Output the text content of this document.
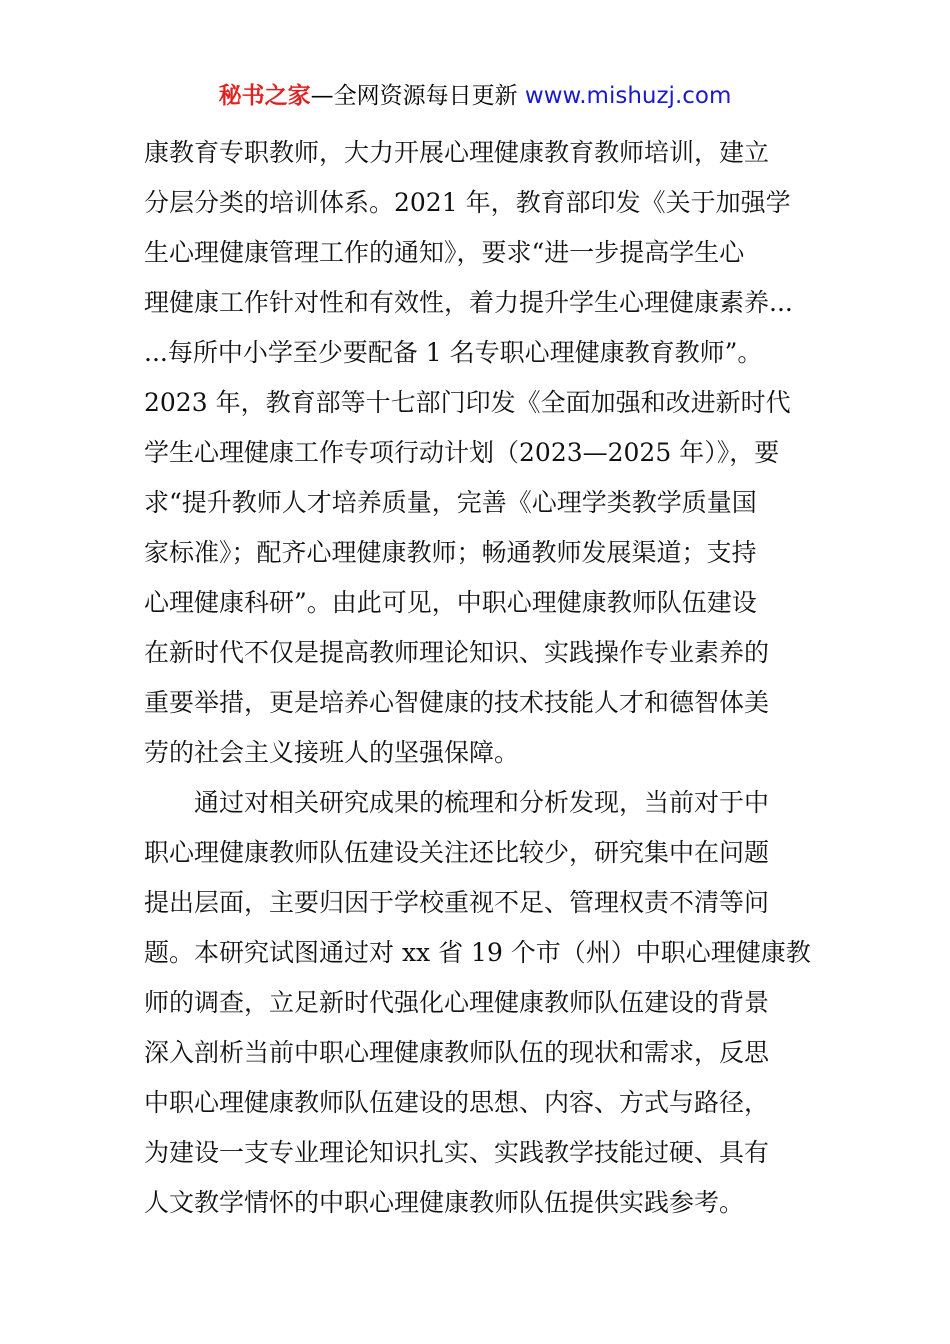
秘书之家—全网资源每日更新 www.mishuzj.com
康教育专职教师，大力开展心理健康教育教师培训，建立
分层分类的培训体系。2021 年，教育部印发《关于加强学
生心理健康管理工作的通知》，要求“进一步提高学生心
理健康工作针对性和有效性，着力提升学生心理健康素养...
...每所中小学至少要配备 1 名专职心理健康教育教师”。
2023 年，教育部等十七部门印发《全面加强和改进新时代
学生心理健康工作专项行动计划（2023—2025 年）》，要
求“提升教师人才培养质量，完善《心理学类教学质量国
家标准》；配齐心理健康教师；畅通教师发展渠道；支持
心理健康科研”。由此可见，中职心理健康教师队伍建设
在新时代不仅是提高教师理论知识、实践操作专业素养的
重要举措，更是培养心智健康的技术技能人才和德智体美
劳的社会主义接班人的坚强保障。
通过对相关研究成果的梳理和分析发现，当前对于中
职心理健康教师队伍建设关注还比较少，研究集中在问题
提出层面，主要归因于学校重视不足、管理权责不清等问
题。本研究试图通过对 xx 省 19 个市（州）中职心理健康教
师的调查，立足新时代强化心理健康教师队伍建设的背景
深入剖析当前中职心理健康教师队伍的现状和需求，反思
中职心理健康教师队伍建设的思想、内容、方式与路径，
为建设一支专业理论知识扎实、实践教学技能过硬、具有
人文教学情怀的中职心理健康教师队伍提供实践参考。
